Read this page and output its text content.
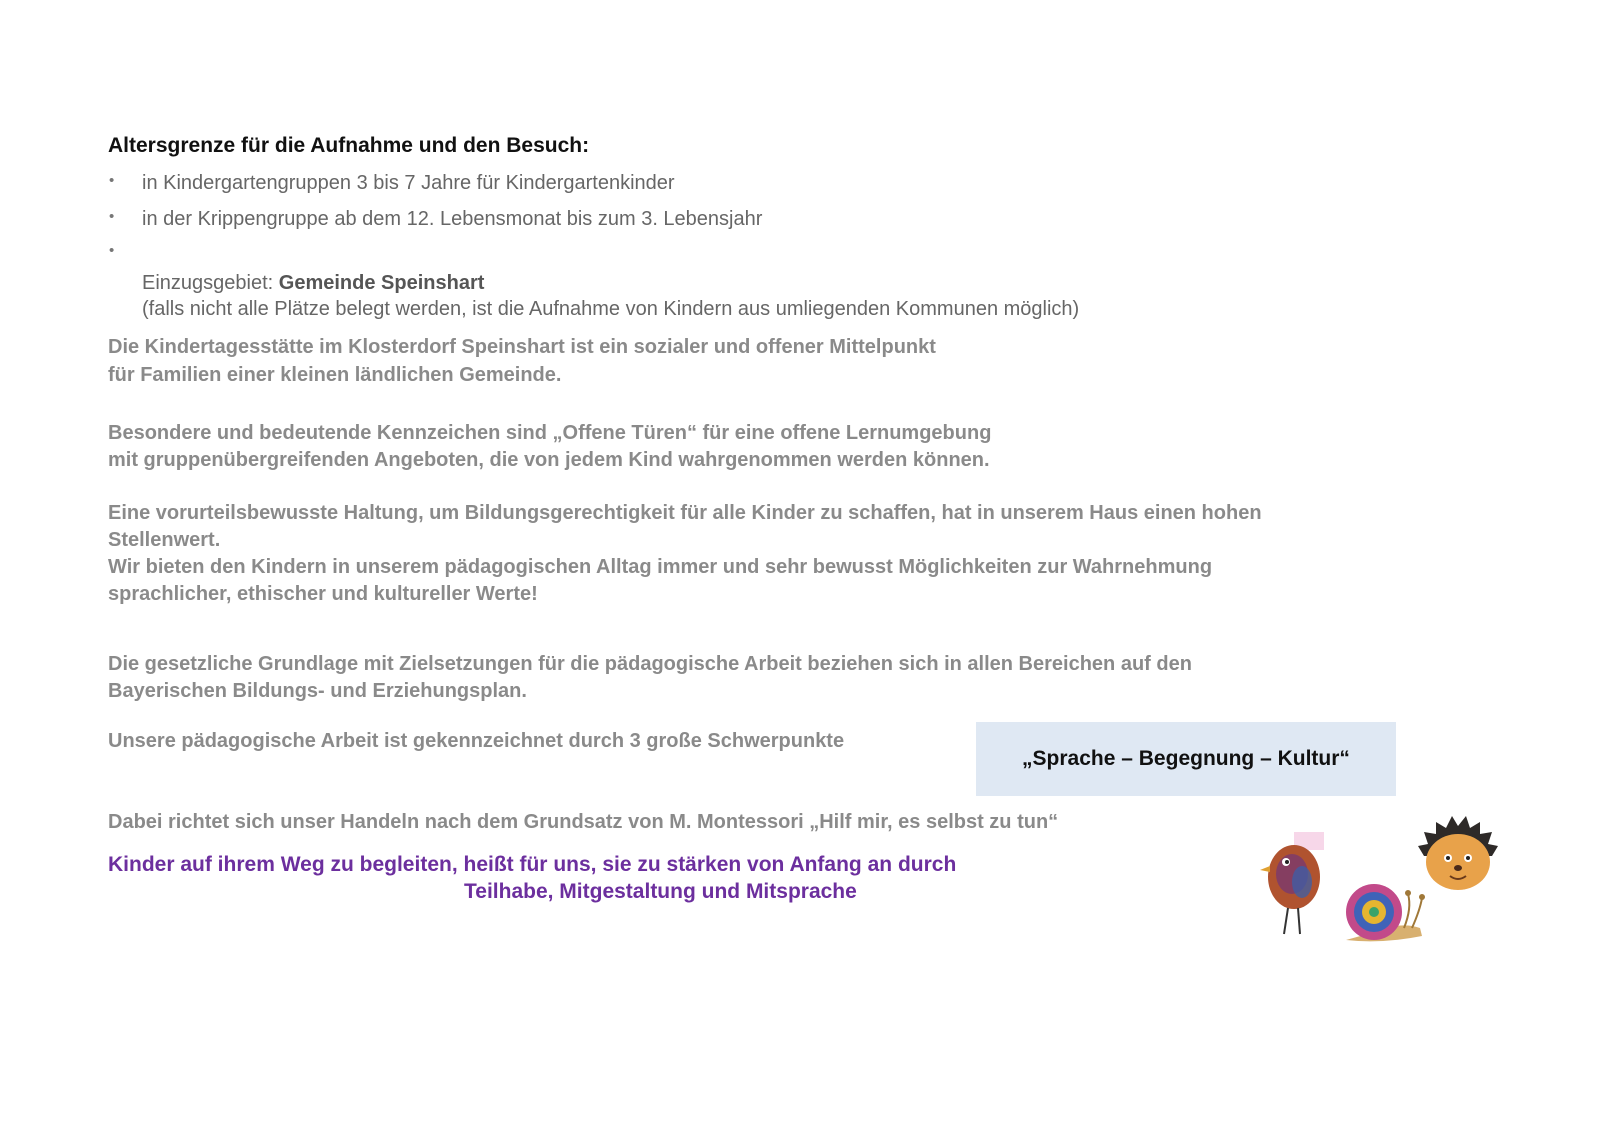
Altersgrenze für die Aufnahme und den Besuch:
• in Kindergartengruppen 3 bis 7 Jahre für Kindergartenkinder
• in der Krippengruppe ab dem 12. Lebensmonat bis zum 3. Lebensjahr
•
Einzugsgebiet: Gemeinde Speinshart
(falls nicht alle Plätze belegt werden, ist die Aufnahme von Kindern aus umliegenden Kommunen möglich)
Die Kindertagesstätte im Klosterdorf Speinshart ist ein sozialer und offener Mittelpunkt
für Familien einer kleinen ländlichen Gemeinde.
Besondere und bedeutende Kennzeichen sind „Offene Türen“ für eine offene Lernumgebung
mit gruppenübergreifenden Angeboten, die von jedem Kind wahrgenommen werden können.
Eine vorurteilsbewusste Haltung, um Bildungsgerechtigkeit für alle Kinder zu schaffen, hat in unserem Haus einen hohen
Stellenwert.
Wir bieten den Kindern in unserem pädagogischen Alltag immer und sehr bewusst Möglichkeiten zur Wahrnehmung
sprachlicher, ethischer und kultureller Werte!
Die gesetzliche Grundlage mit Zielsetzungen für die pädagogische Arbeit beziehen sich in allen Bereichen auf den
Bayerischen Bildungs- und Erziehungsplan.
Unsere pädagogische Arbeit ist gekennzeichnet durch 3 große Schwerpunkte
„Sprache – Begegnung – Kultur“
Dabei richtet sich unser Handeln nach dem Grundsatz von M. Montessori „Hilf mir, es selbst zu tun“
Kinder auf ihrem Weg zu begleiten, heißt für uns, sie zu stärken von Anfang an durch
Teilhabe, Mitgestaltung und Mitsprache
